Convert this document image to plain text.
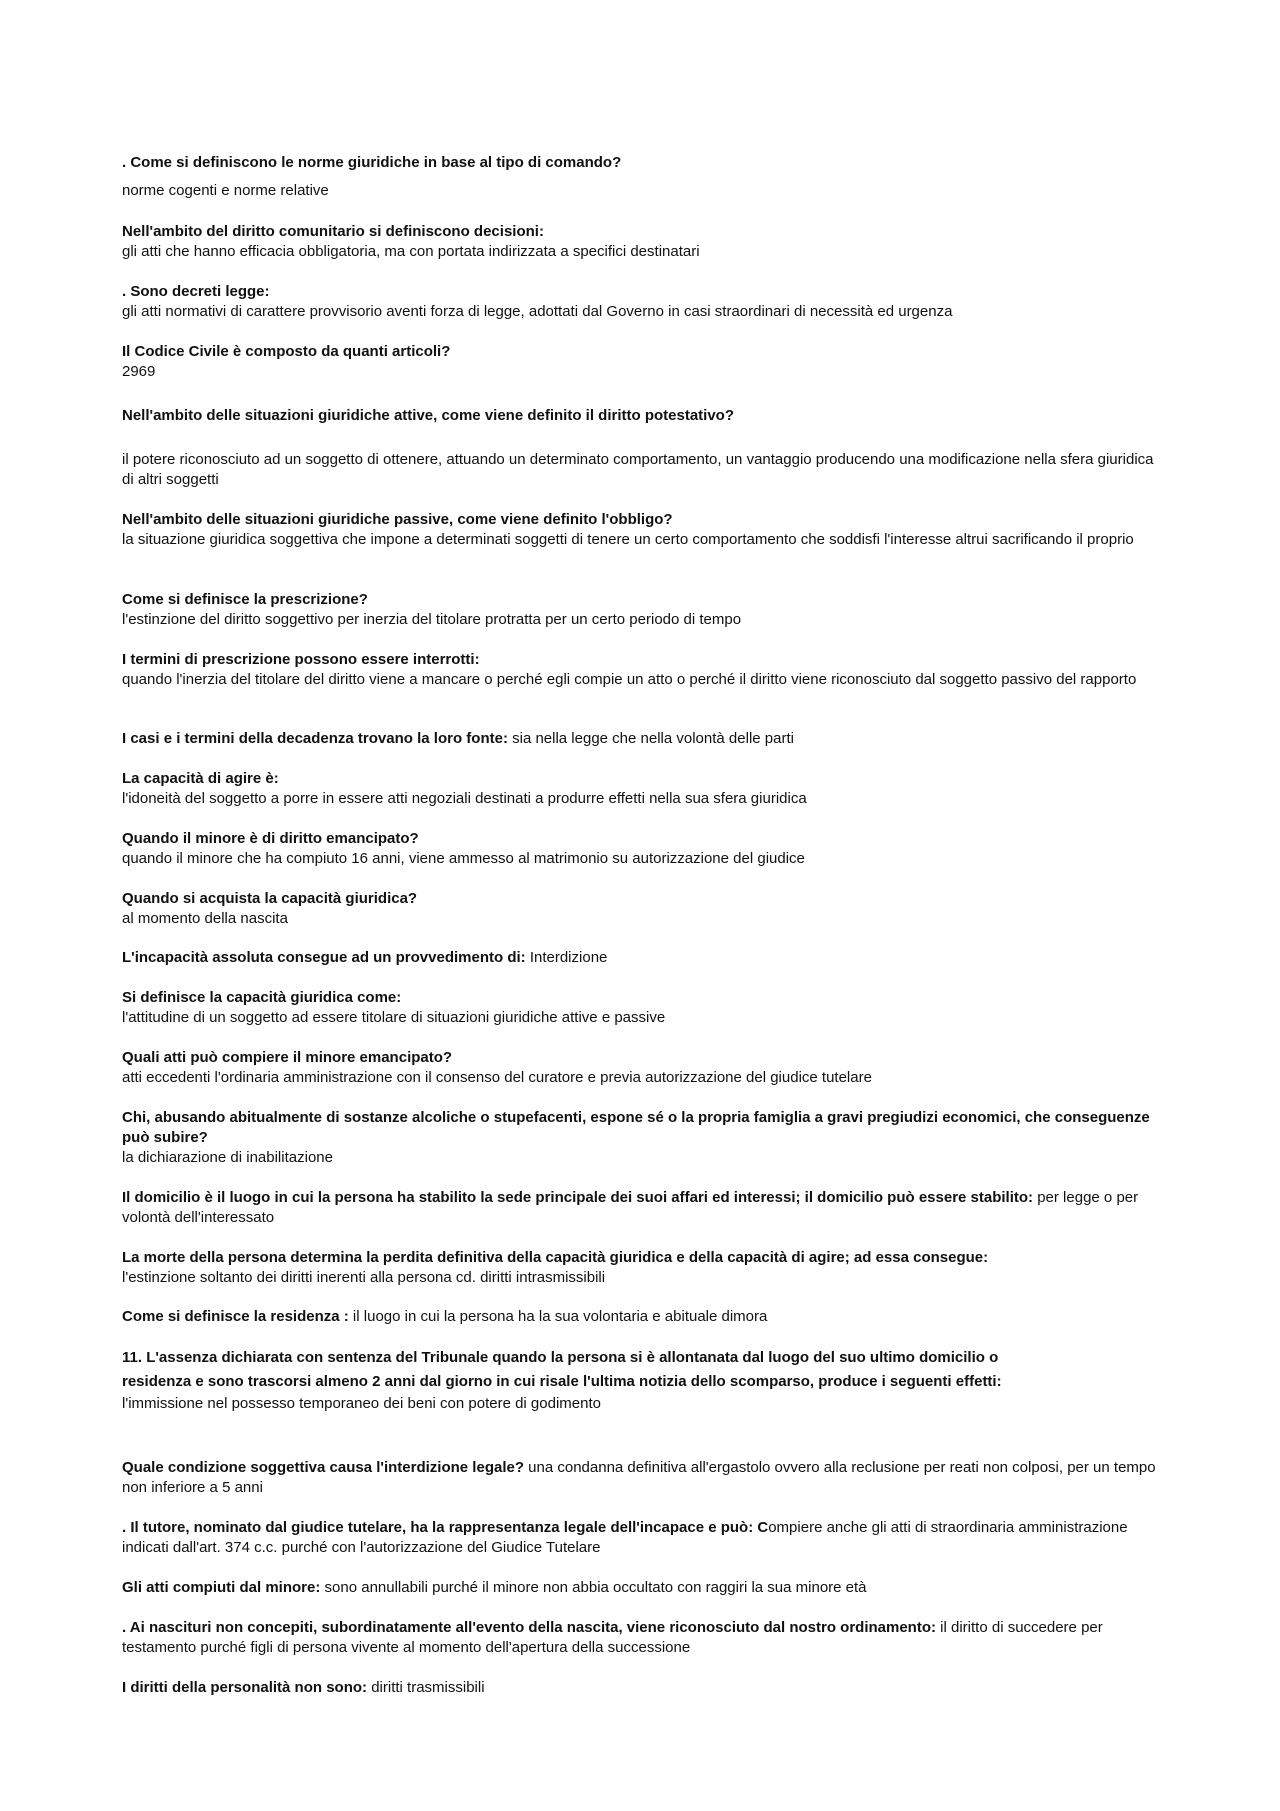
. Come si definiscono le norme giuridiche in base al tipo di comando?
norme cogenti e norme relative
Nell'ambito del diritto comunitario si definiscono decisioni:
gli atti che hanno efficacia obbligatoria, ma con portata indirizzata a specifici destinatari
. Sono decreti legge:
gli atti normativi di carattere provvisorio aventi forza di legge, adottati dal Governo in casi straordinari di necessità ed urgenza
Il Codice Civile è composto da quanti articoli?
2969
Nell'ambito delle situazioni giuridiche attive, come viene definito il diritto potestativo?
il potere riconosciuto ad un soggetto di ottenere, attuando un determinato comportamento, un vantaggio producendo una modificazione nella sfera giuridica di altri soggetti
Nell'ambito delle situazioni giuridiche passive, come viene definito l'obbligo?
la situazione giuridica soggettiva che impone a determinati soggetti di tenere un certo comportamento che soddisfi l'interesse altrui sacrificando il proprio
Come si definisce la prescrizione?
l'estinzione del diritto soggettivo per inerzia del titolare protratta per un certo periodo di tempo
I termini di prescrizione possono essere interrotti:
quando l'inerzia del titolare del diritto viene a mancare o perché egli compie un atto o perché il diritto viene riconosciuto dal soggetto passivo del rapporto
I casi e i termini della decadenza trovano la loro fonte: sia nella legge che nella volontà delle parti
La capacità di agire è:
l'idoneità del soggetto a porre in essere atti negoziali destinati a produrre effetti nella sua sfera giuridica
Quando il minore è di diritto emancipato?
quando il minore che ha compiuto 16 anni, viene ammesso al matrimonio su autorizzazione del giudice
Quando si acquista la capacità giuridica?
al momento della nascita
L'incapacità assoluta consegue ad un provvedimento di: Interdizione
Si definisce la capacità giuridica come:
l'attitudine di un soggetto ad essere titolare di situazioni giuridiche attive e passive
Quali atti può compiere il minore emancipato?
atti eccedenti l'ordinaria amministrazione con il consenso del curatore e previa autorizzazione del giudice tutelare
Chi, abusando abitualmente di sostanze alcoliche o stupefacenti, espone sé o la propria famiglia a gravi pregiudizi economici, che conseguenze può subire?
la dichiarazione di inabilitazione
Il domicilio è il luogo in cui la persona ha stabilito la sede principale dei suoi affari ed interessi; il domicilio può essere stabilito: per legge o per volontà dell'interessato
La morte della persona determina la perdita definitiva della capacità giuridica e della capacità di agire; ad essa consegue:
l'estinzione soltanto dei diritti inerenti alla persona cd. diritti intrasmissibili
Come si definisce la residenza : il luogo in cui la persona ha la sua volontaria e abituale dimora
11. L'assenza dichiarata con sentenza del Tribunale quando la persona si è allontanata dal luogo del suo ultimo domicilio o residenza e sono trascorsi almeno 2 anni dal giorno in cui risale l'ultima notizia dello scomparso, produce i seguenti effetti:
l'immissione nel possesso temporaneo dei beni con potere di godimento
Quale condizione soggettiva causa l'interdizione legale? una condanna definitiva all'ergastolo ovvero alla reclusione per reati non colposi, per un tempo non inferiore a 5 anni
. Il tutore, nominato dal giudice tutelare, ha la rappresentanza legale dell'incapace e può: Compiere anche gli atti di straordinaria amministrazione indicati dall'art. 374 c.c. purché con l'autorizzazione del Giudice Tutelare
Gli atti compiuti dal minore: sono annullabili purché il minore non abbia occultato con raggiri la sua minore età
. Ai nascituri non concepiti, subordinatamente all'evento della nascita, viene riconosciuto dal nostro ordinamento: il diritto di succedere per testamento purché figli di persona vivente al momento dell'apertura della successione
I diritti della personalità non sono: diritti trasmissibili
